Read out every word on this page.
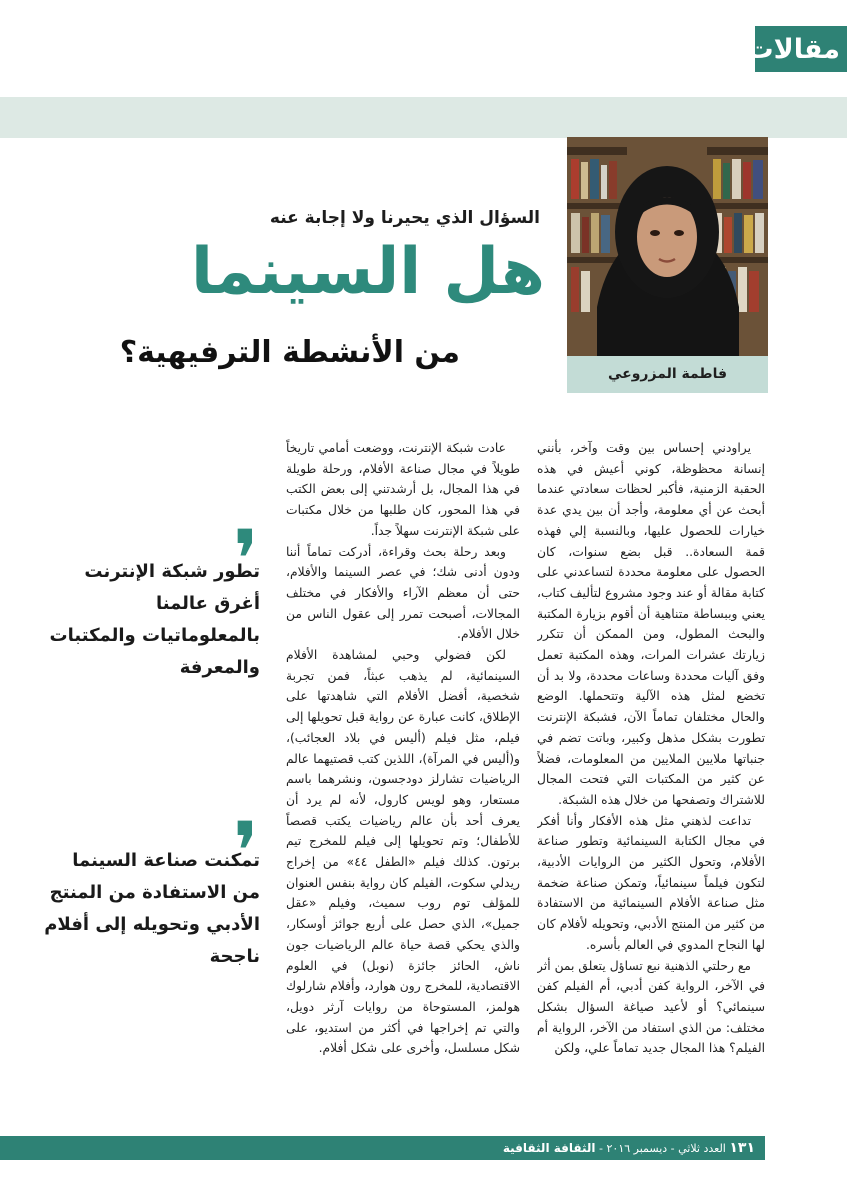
مقالات
فاطمة المزروعي
السؤال الذي يحيرنا ولا إجابة عنه
هل السينما
من الأنشطة الترفيهية؟

يراودني إحساس بين وقت وآخر، بأنني إنسانة محظوظة، كوني أعيش في هذه الحقبة الزمنية، فأكبر لحظات سعادتي عندما أبحث عن أي معلومة، وأجد أن بين يدي عدة خيارات للحصول عليها، وبالنسبة إلي فهذه قمة السعادة.. قبل بضع سنوات، كان الحصول على معلومة محددة لتساعدني على كتابة مقالة أو عند وجود مشروع لتأليف كتاب، يعني وببساطة متناهية أن أقوم بزيارة المكتبة والبحث المطول، ومن الممكن أن تتكرر زيارتك عشرات المرات، وهذه المكتبة تعمل وفق آليات محددة وساعات محددة، ولا بد أن تخضع لمثل هذه الآلية وتتحملها. الوضع والحال مختلفان تماماً الآن، فشبكة الإنترنت تطورت بشكل مذهل وكبير، وباتت تضم في جنباتها ملايين الملايين من المعلومات، فضلاً عن كثير من المكتبات التي فتحت المجال للاشتراك وتصفحها من خلال هذه الشبكة.

تداعت لذهني مثل هذه الأفكار وأنا أفكر في مجال الكتابة السينمائية وتطور صناعة الأفلام، وتحول الكثير من الروايات الأدبية، لتكون فيلماً سينمائياً، وتمكن صناعة ضخمة مثل صناعة الأفلام السينمائية من الاستفادة من كثير من المنتج الأدبي، وتحويله لأفلام كان لها النجاح المدوي في العالم بأسره.

مع رحلتي الذهنية نبع تساؤل يتعلق بمن أثر في الآخر، الرواية كفن أدبي، أم الفيلم كفن سينمائي؟ أو لأعيد صياغة السؤال بشكل مختلف: من الذي استفاد من الآخر، الرواية أم الفيلم؟ هذا المجال جديد تماماً علي، ولكن

عادت شبكة الإنترنت، ووضعت أمامي تاريخاً طويلاً في مجال صناعة الأفلام، ورحلة طويلة في هذا المجال، بل أرشدتني إلى بعض الكتب في هذا المحور، كان طلبها من خلال مكتبات على شبكة الإنترنت سهلاً جداً.

وبعد رحلة بحث وقراءة، أدركت تماماً أننا ودون أدنى شك؛ في عصر السينما والأفلام، حتى أن معظم الآراء والأفكار في مختلف المجالات، أصبحت تمرر إلى عقول الناس من خلال الأفلام.

لكن فضولي وحبي لمشاهدة الأفلام السينمائية، لم يذهب عبثاً، فمن تجربة شخصية، أفضل الأفلام التي شاهدتها على الإطلاق، كانت عبارة عن رواية قبل تحويلها إلى فيلم، مثل فيلم (أليس في بلاد العجائب)، و(أليس في المرآة)، اللذين كتب قصتيهما عالم الرياضيات تشارلز دودجسون، ونشرهما باسم مستعار، وهو لويس كارول، لأنه لم يرد أن يعرف أحد بأن عالم رياضيات يكتب قصصاً للأطفال؛ وتم تحويلها إلى فيلم للمخرج تيم برتون. كذلك فيلم «الطفل ٤٤» من إخراج ريدلي سكوت، الفيلم كان رواية بنفس العنوان للمؤلف توم روب سميث، وفيلم «عقل جميل»، الذي حصل على أربع جوائز أوسكار، والذي يحكي قصة حياة عالم الرياضيات جون ناش، الحائز جائزة (نوبل) في العلوم الاقتصادية، للمخرج رون هوارد، وأفلام شارلوك هولمز، المستوحاة من روايات آرثر دويل، والتي تم إخراجها في أكثر من استديو، على شكل مسلسل، وأخرى على شكل أفلام.

❜
تطور شبكة الإنترنت أغرق عالمنا بالمعلوماتيات والمكتبات والمعرفة
❜
تمكنت صناعة السينما من الاستفادة من المنتج الأدبي وتحويله إلى أفلام ناجحة
١٣١ العدد ثلاثي - ديسمبر ٢٠١٦ - الثقافة الثقافية
